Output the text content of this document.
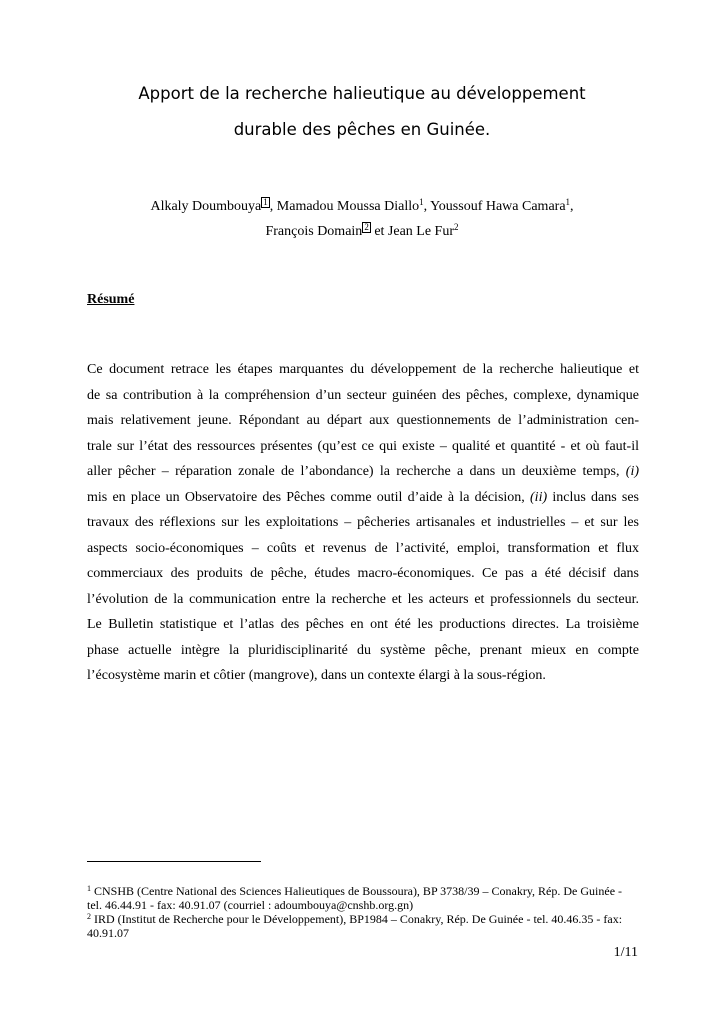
Apport de la recherche halieutique au développement
durable des pêches en Guinée.
Alkaly Doumbouya 1 , Mamadou Moussa Diallo$^1$, Youssouf Hawa Camara$^1$,
François Domain 2 et Jean Le Fur$^2$
Résumé
Ce document retrace les étapes marquantes du développement de la recherche halieutique et
de sa contribution à la compréhension d’un secteur guinéen des pêches, complexe, dynamique
mais relativement jeune. Répondant au départ aux questionnements de l’administration cen-
trale sur l’état des ressources présentes (qu’est ce qui existe – qualité et quantité - et où faut-il
aller pêcher – réparation zonale de l’abondance) la recherche a dans un deuxième temps, (i)
mis en place un Observatoire des Pêches comme outil d’aide à la décision, (ii) inclus dans ses
travaux des réflexions sur les exploitations – pêcheries artisanales et industrielles – et sur les
aspects socio-économiques – coûts et revenus de l’activité, emploi, transformation et flux
commerciaux des produits de pêche, études macro-économiques. Ce pas a été décisif dans
l’évolution de la communication entre la recherche et les acteurs et professionnels du secteur.
Le Bulletin statistique et l’atlas des pêches en ont été les productions directes. La troisième
phase actuelle intègre la pluridisciplinarité du système pêche, prenant mieux en compte
l’écosystème marin et côtier (mangrove), dans un contexte élargi à la sous-région.
$^1$ CNSHB (Centre National des Sciences Halieutiques de Boussoura), BP 3738/39 – Conakry, Rép. De Guinée - tel. 46.44.91 - fax: 40.91.07 (courriel : adoumbouya@cnshb.org.gn)
$^2$ IRD (Institut de Recherche pour le Développement), BP1984 – Conakry, Rép. De Guinée - tel. 40.46.35 - fax: 40.91.07
1/11
